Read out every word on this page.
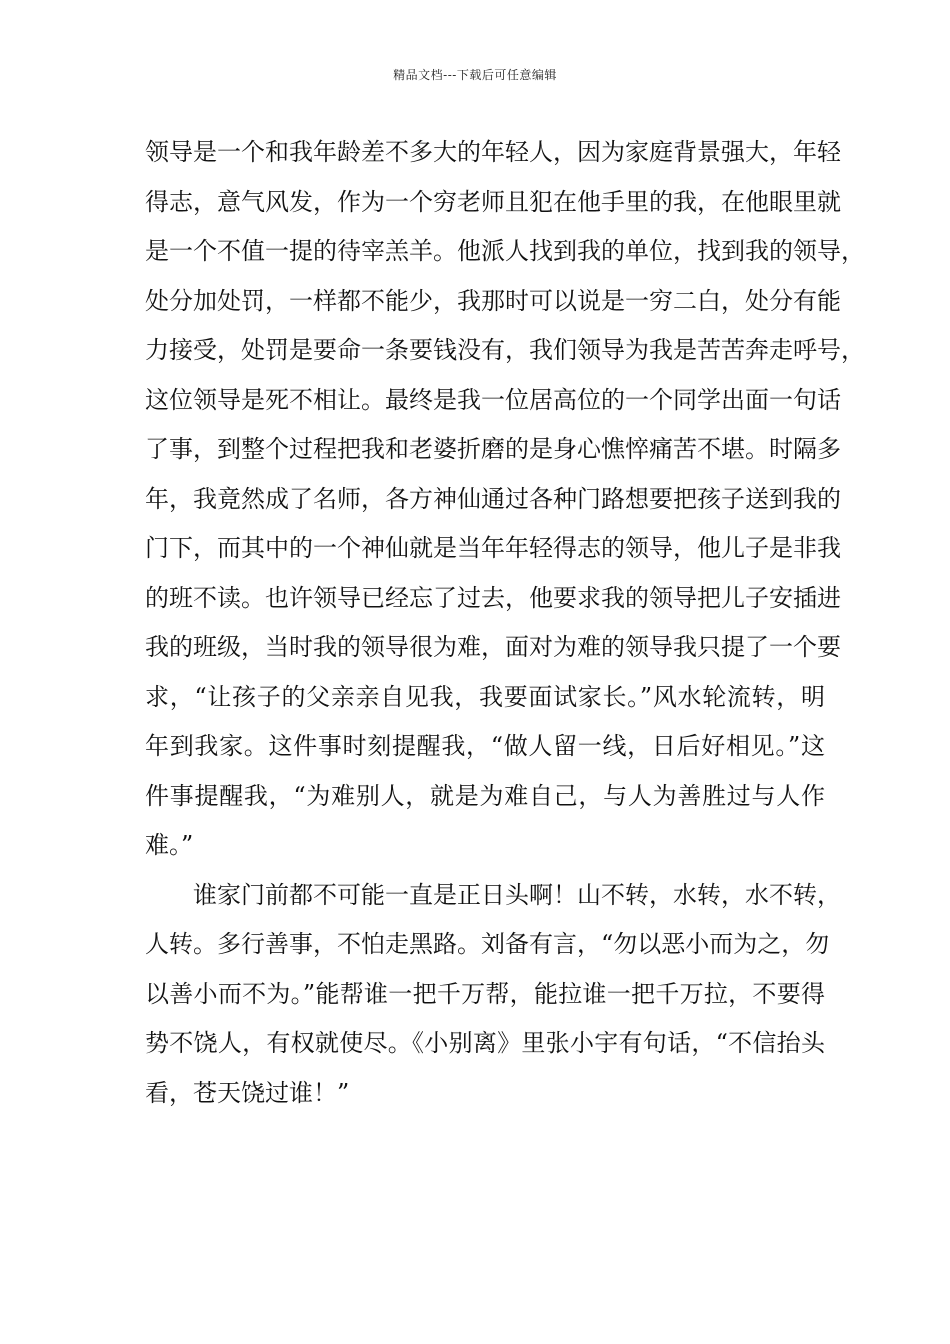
精品文档---下载后可任意编辑
领导是一个和我年龄差不多大的年轻人，因为家庭背景强大，年轻
得志，意气风发，作为一个穷老师且犯在他手里的我，在他眼里就
是一个不值一提的待宰羔羊。他派人找到我的单位，找到我的领导，
处分加处罚，一样都不能少，我那时可以说是一穷二白，处分有能
力接受，处罚是要命一条要钱没有，我们领导为我是苦苦奔走呼号，
这位领导是死不相让。最终是我一位居高位的一个同学出面一句话
了事，到整个过程把我和老婆折磨的是身心憔悴痛苦不堪。时隔多
年，我竟然成了名师，各方神仙通过各种门路想要把孩子送到我的
门下，而其中的一个神仙就是当年年轻得志的领导，他儿子是非我
的班不读。也许领导已经忘了过去，他要求我的领导把儿子安插进
我的班级，当时我的领导很为难，面对为难的领导我只提了一个要
求，“让孩子的父亲亲自见我，我要面试家长。”风水轮流转，明
年到我家。这件事时刻提醒我，“做人留一线，日后好相见。”这
件事提醒我，“为难别人，就是为难自己，与人为善胜过与人作
难。”
谁家门前都不可能一直是正日头啊！山不转，水转，水不转，
人转。多行善事，不怕走黑路。刘备有言，“勿以恶小而为之，勿
以善小而不为。”能帮谁一把千万帮，能拉谁一把千万拉，不要得
势不饶人，有权就使尽。《小别离》里张小宇有句话，“不信抬头
看，苍天饶过谁！”
